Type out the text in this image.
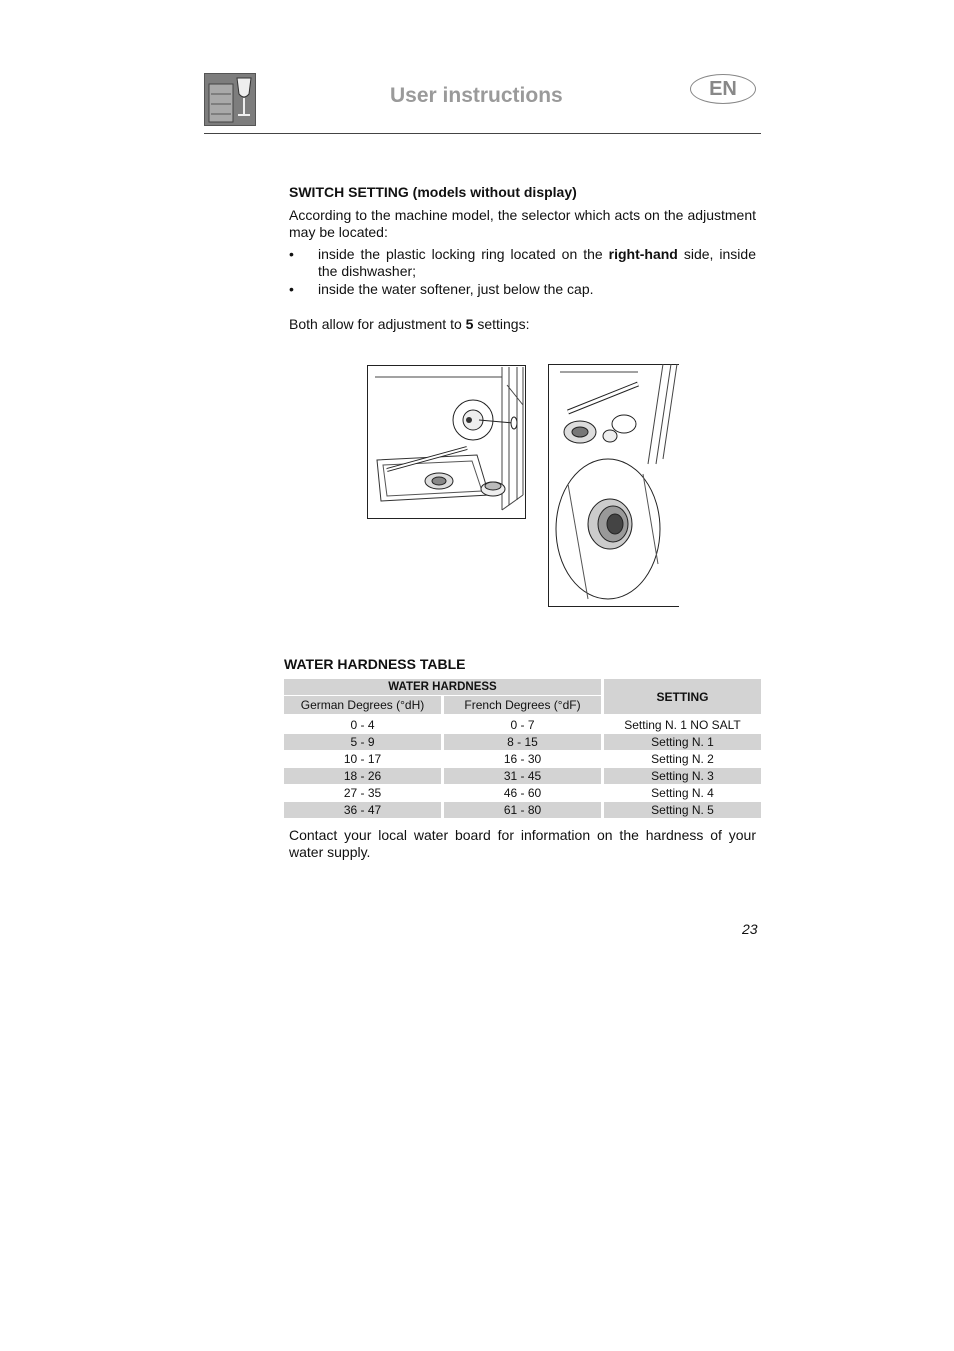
User instructions	EN
SWITCH SETTING (models without display)
According to the machine model, the selector which acts on the adjustment may be located:
• inside the plastic locking ring located on the right-hand side, inside the dishwasher;
• inside the water softener, just below the cap.
Both allow for adjustment to 5 settings:
WATER HARDNESS TABLE
WATER HARDNESS		SETTING
German Degrees (°dH)	French Degrees (°dF)	

0 - 4	0 - 7	Setting N. 1 NO SALT
5 - 9	8 - 15	Setting N. 1
10 - 17	16 - 30	Setting N. 2
18 - 26	31 - 45	Setting N. 3
27 - 35	46 - 60	Setting N. 4
36 - 47	61 - 80	Setting N. 5
Contact your local water board for information on the hardness of your water supply.
23
